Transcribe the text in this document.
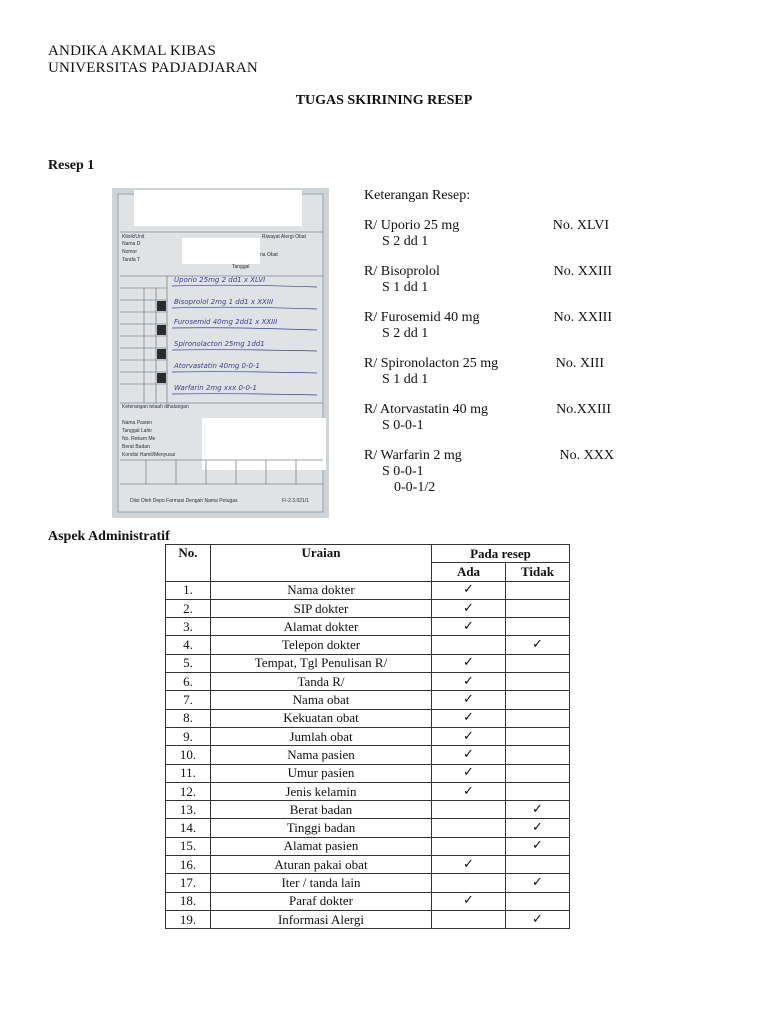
ANDIKA AKMAL KIBAS
UNIVERSITAS PADJADJARAN
TUGAS SKIRINING RESEP
Resep 1
Klinik/Unit
Nama D
Nomor
Tanda T
Riwayat Alergi Obat
na Obat
Tanggal
Keterangan telaah dihalangan
Nama Pasien
Tanggal Lahir
No. Rekam Me
Berat Badan
Kondisi Hamil/Menyusui
Diisi Oleh Depo Farmasi Dengan Nama Petugas	F/-2.3.021/1
Uporio 25mg 2 dd1 x XLVI
Bisoprolol 2mg 1 dd1 x XXIII
Furosemid 40mg 2dd1 x XXIII
Spironolacton 25mg 1dd1
Atorvastatin 40mg 0-0-1
Warfarin 2mg xxx 0-0-1
Keterangan Resep:
R/ Uporio 25 mg	No. XLVI
S 2 dd 1
R/ Bisoprolol	No. XXIII
S 1 dd 1
R/ Furosemid 40 mg	No. XXIII
S 2 dd 1
R/ Spironolacton 25 mg	No. XIII
S 1 dd 1
R/ Atorvastatin 40 mg	No.XXIII
S 0-0-1
R/ Warfarin 2 mg	No. XXX
S 0-0-1
0-0-1/2
Aspek Administratif
No.	Uraian	Pada resep	
		Ada	Tidak
1.	Nama dokter	✓	
2.	SIP dokter	✓	
3.	Alamat dokter	✓	
4.	Telepon dokter		✓
5.	Tempat, Tgl Penulisan R/	✓	
6.	Tanda R/	✓	
7.	Nama obat	✓	
8.	Kekuatan obat	✓	
9.	Jumlah obat	✓	
10.	Nama pasien	✓	
11.	Umur pasien	✓	
12.	Jenis kelamin	✓	
13.	Berat badan		✓
14.	Tinggi badan		✓
15.	Alamat pasien		✓
16.	Aturan pakai obat	✓	
17.	Iter / tanda lain		✓
18.	Paraf dokter	✓	
19.	Informasi Alergi		✓
